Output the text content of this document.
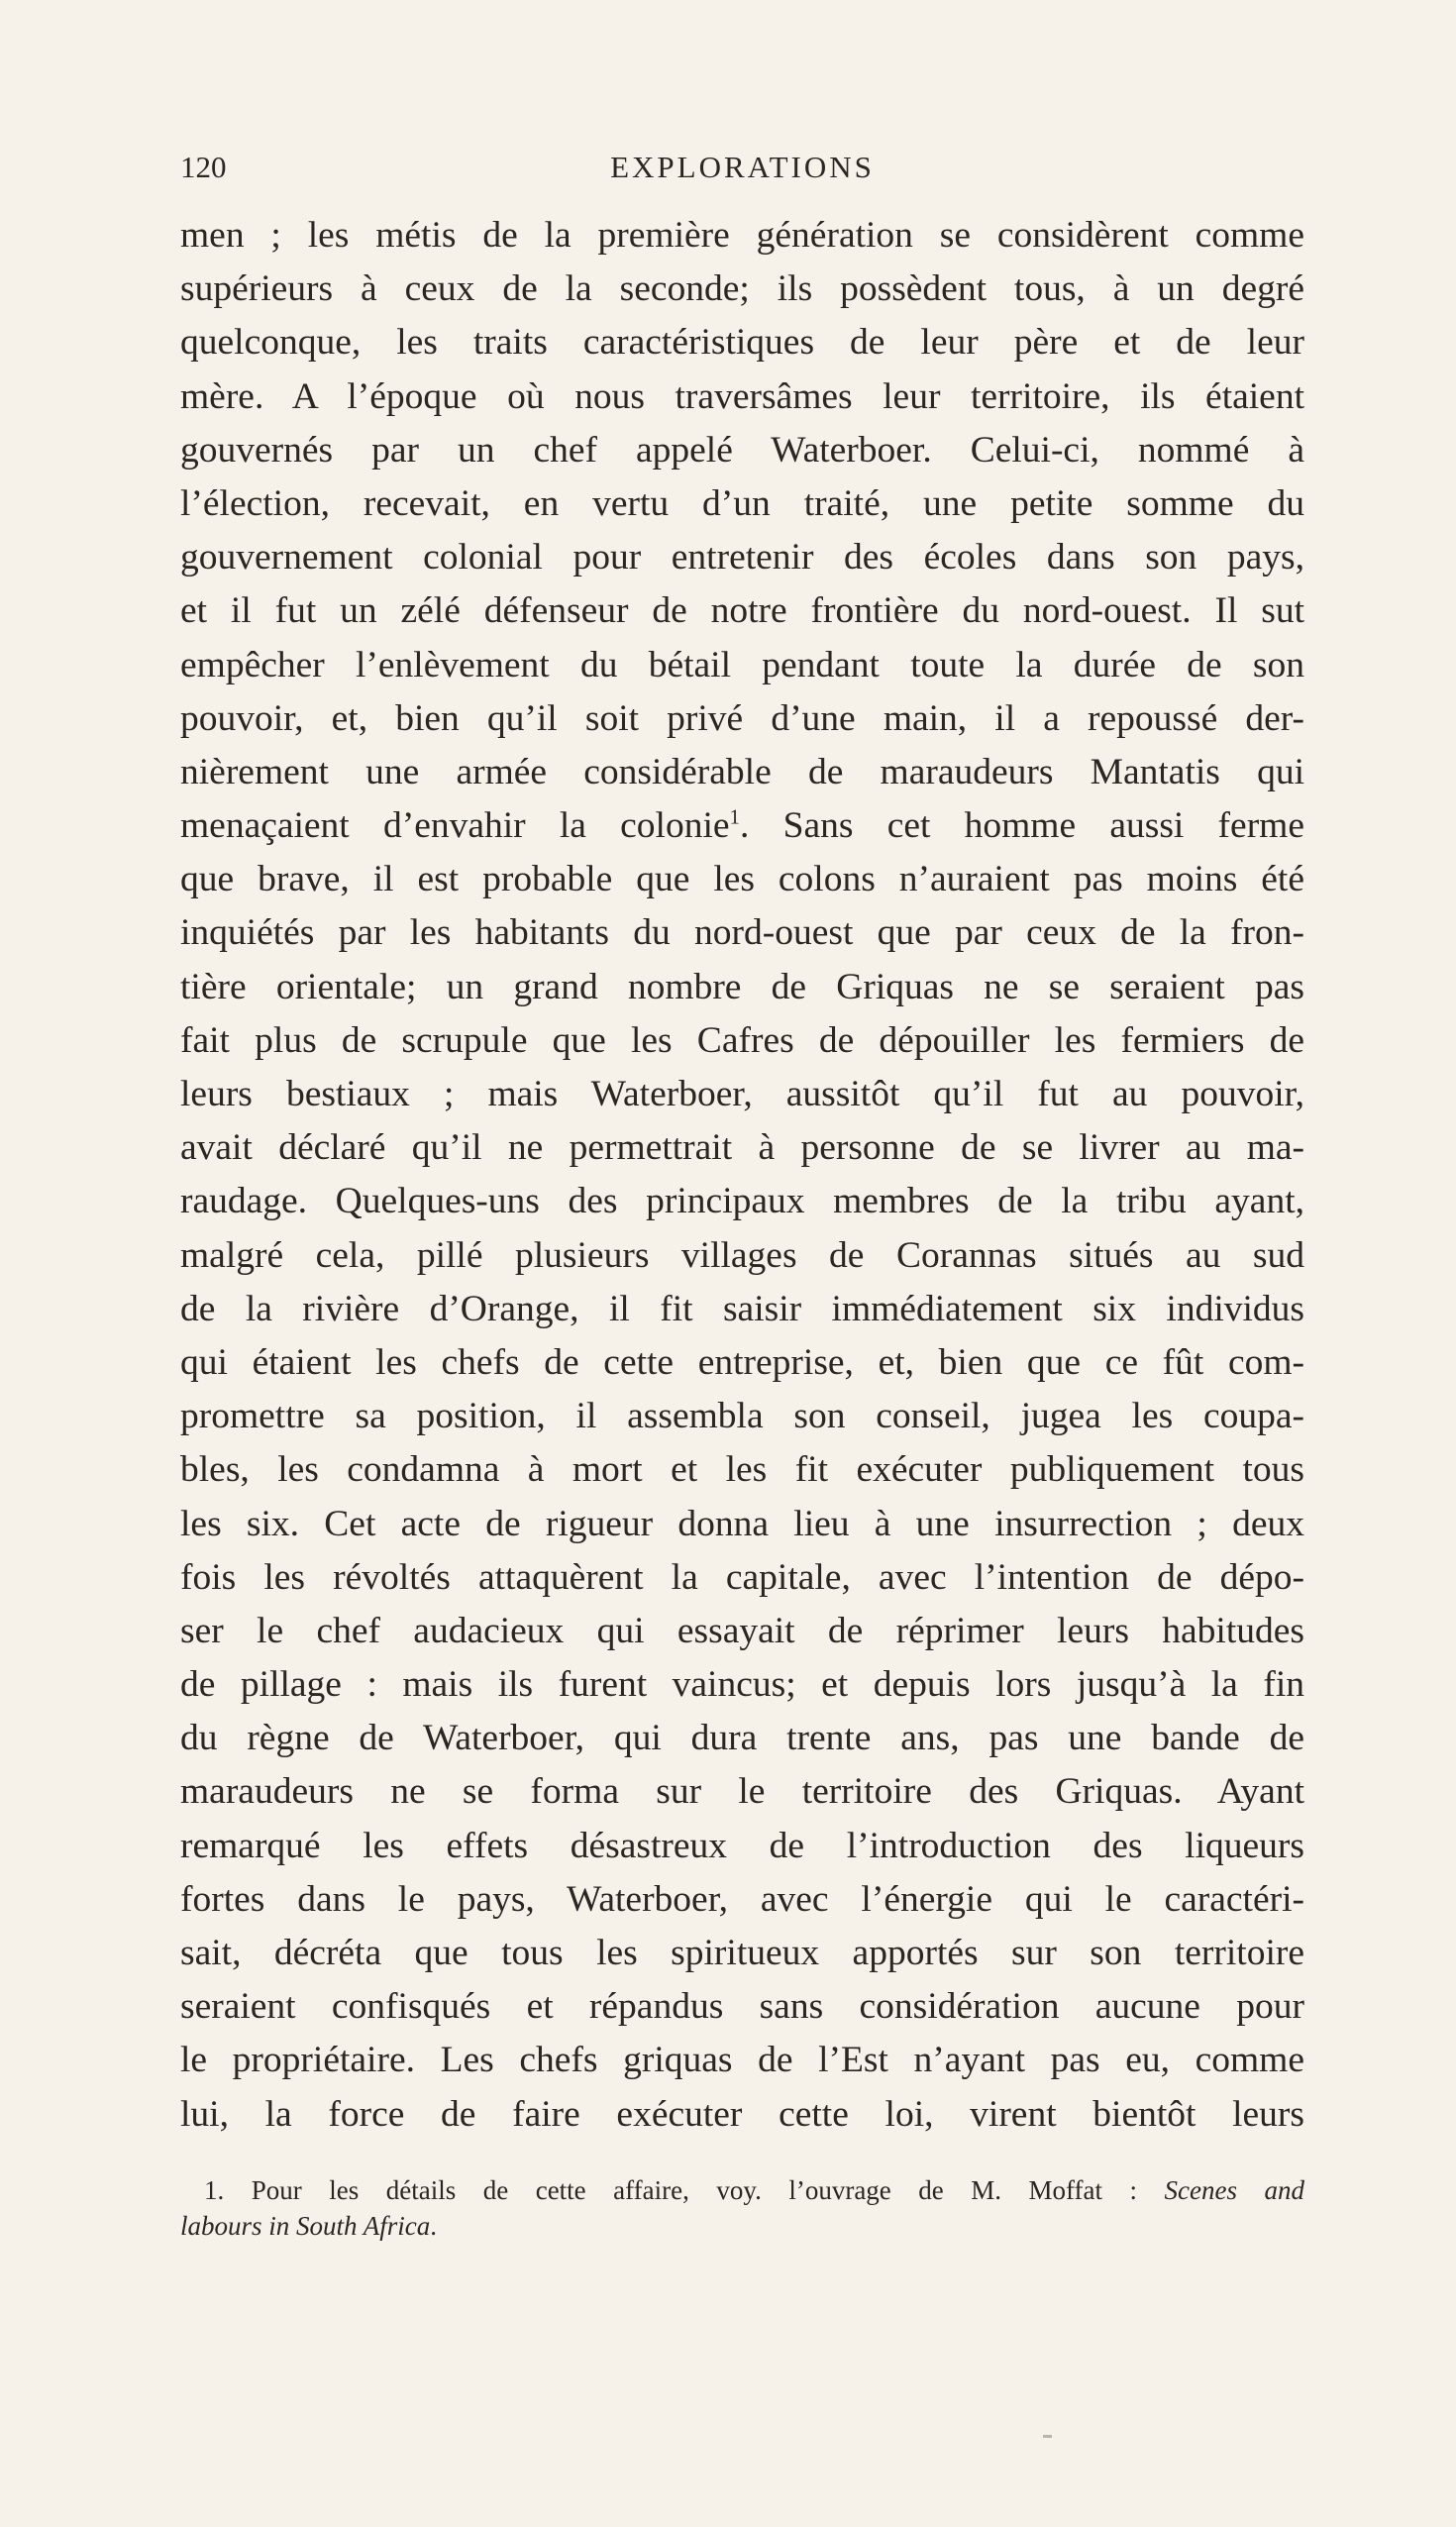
120	EXPLORATIONS
men ; les métis de la première génération se considèrent comme
supérieurs à ceux de la seconde; ils possèdent tous, à un degré
quelconque, les traits caractéristiques de leur père et de leur
mère. A l’époque où nous traversâmes leur territoire, ils étaient
gouvernés par un chef appelé Waterboer. Celui-ci, nommé à
l’élection, recevait, en vertu d’un traité, une petite somme du
gouvernement colonial pour entretenir des écoles dans son pays,
et il fut un zélé défenseur de notre frontière du nord-ouest. Il sut
empêcher l’enlèvement du bétail pendant toute la durée de son
pouvoir, et, bien qu’il soit privé d’une main, il a repoussé der-
nièrement une armée considérable de maraudeurs Mantatis qui
menaçaient d’envahir la colonie$^1$. Sans cet homme aussi ferme
que brave, il est probable que les colons n’auraient pas moins été
inquiétés par les habitants du nord-ouest que par ceux de la fron-
tière orientale; un grand nombre de Griquas ne se seraient pas
fait plus de scrupule que les Cafres de dépouiller les fermiers de
leurs bestiaux ; mais Waterboer, aussitôt qu’il fut au pouvoir,
avait déclaré qu’il ne permettrait à personne de se livrer au ma-
raudage. Quelques-uns des principaux membres de la tribu ayant,
malgré cela, pillé plusieurs villages de Corannas situés au sud
de la rivière d’Orange, il fit saisir immédiatement six individus
qui étaient les chefs de cette entreprise, et, bien que ce fût com-
promettre sa position, il assembla son conseil, jugea les coupa-
bles, les condamna à mort et les fit exécuter publiquement tous
les six. Cet acte de rigueur donna lieu à une insurrection ; deux
fois les révoltés attaquèrent la capitale, avec l’intention de dépo-
ser le chef audacieux qui essayait de réprimer leurs habitudes
de pillage : mais ils furent vaincus; et depuis lors jusqu’à la fin
du règne de Waterboer, qui dura trente ans, pas une bande de
maraudeurs ne se forma sur le territoire des Griquas. Ayant
remarqué les effets désastreux de l’introduction des liqueurs
fortes dans le pays, Waterboer, avec l’énergie qui le caractéri-
sait, décréta que tous les spiritueux apportés sur son territoire
seraient confisqués et répandus sans considération aucune pour
le propriétaire. Les chefs griquas de l’Est n’ayant pas eu, comme
lui, la force de faire exécuter cette loi, virent bientôt leurs
1. Pour les détails de cette affaire, voy. l’ouvrage de M. Moffat : Scenes and
labours in South Africa.
